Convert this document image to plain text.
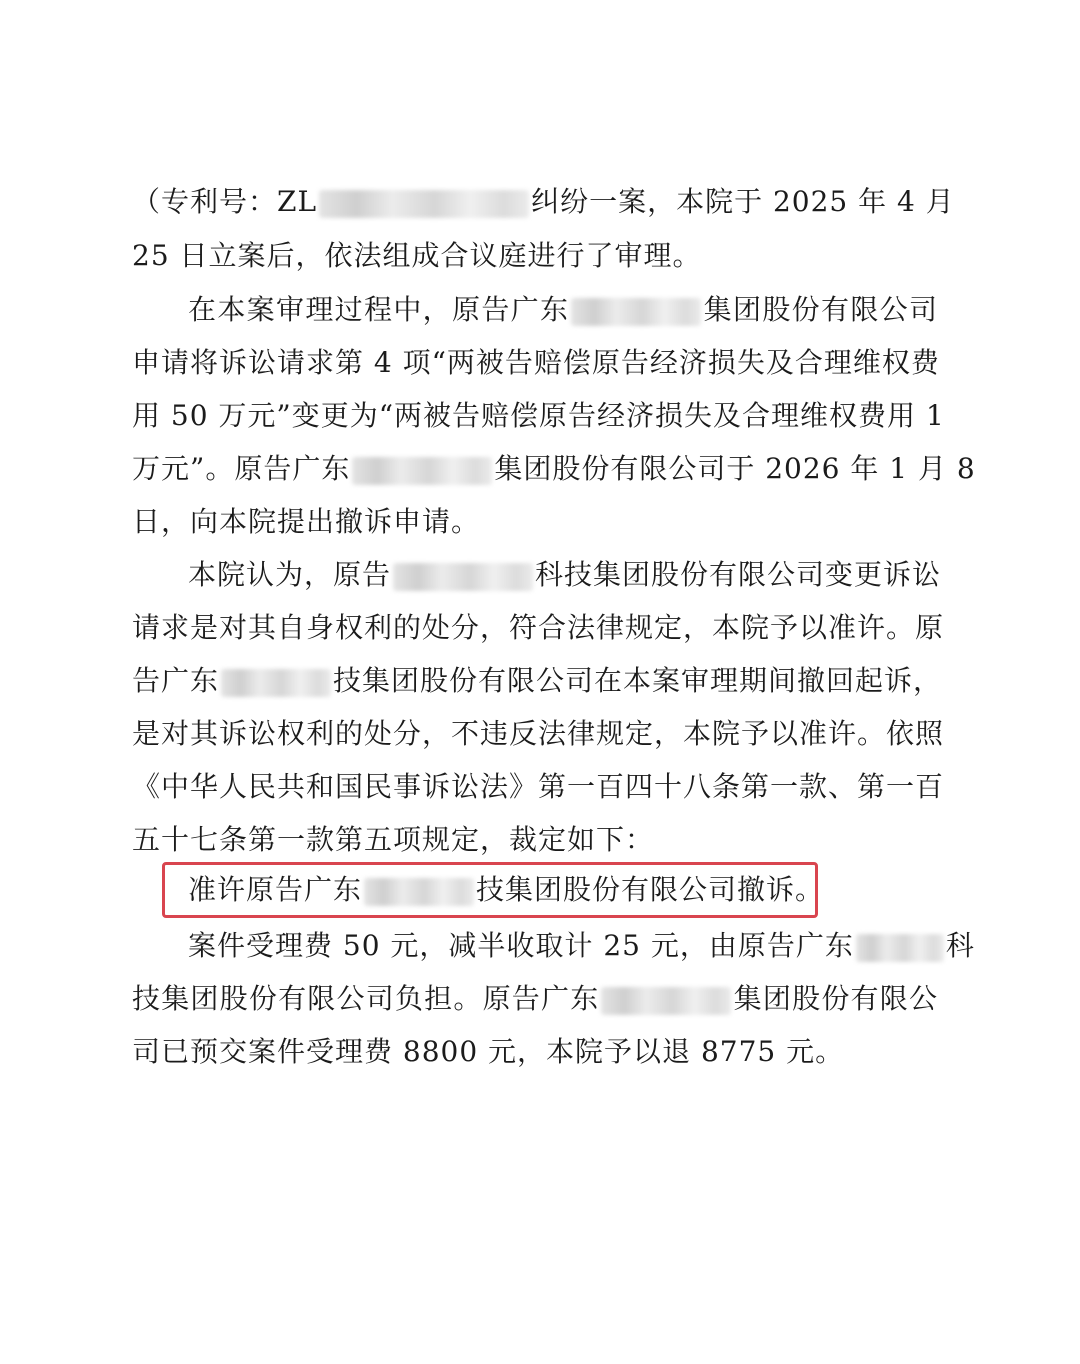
（专利号：ZL	纠纷一案，本院于 2025 年 4 月
25 日立案后，依法组成合议庭进行了审理。
在本案审理过程中，原告广东	集团股份有限公司
申请将诉讼请求第 4 项“两被告赔偿原告经济损失及合理维权费
用 50 万元”变更为“两被告赔偿原告经济损失及合理维权费用 1
万元”。原告广东	集团股份有限公司于 2026 年 1 月 8
日，向本院提出撤诉申请。
本院认为，原告	科技集团股份有限公司变更诉讼
请求是对其自身权利的处分，符合法律规定，本院予以准许。原
告广东	技集团股份有限公司在本案审理期间撤回起诉，
是对其诉讼权利的处分，不违反法律规定，本院予以准许。依照
《中华人民共和国民事诉讼法》第一百四十八条第一款、第一百
五十七条第一款第五项规定，裁定如下：
准许原告广东	技集团股份有限公司撤诉。
案件受理费 50 元，减半收取计 25 元，由原告广东	科
技集团股份有限公司负担。原告广东	集团股份有限公
司已预交案件受理费 8800 元，本院予以退 8775 元。
